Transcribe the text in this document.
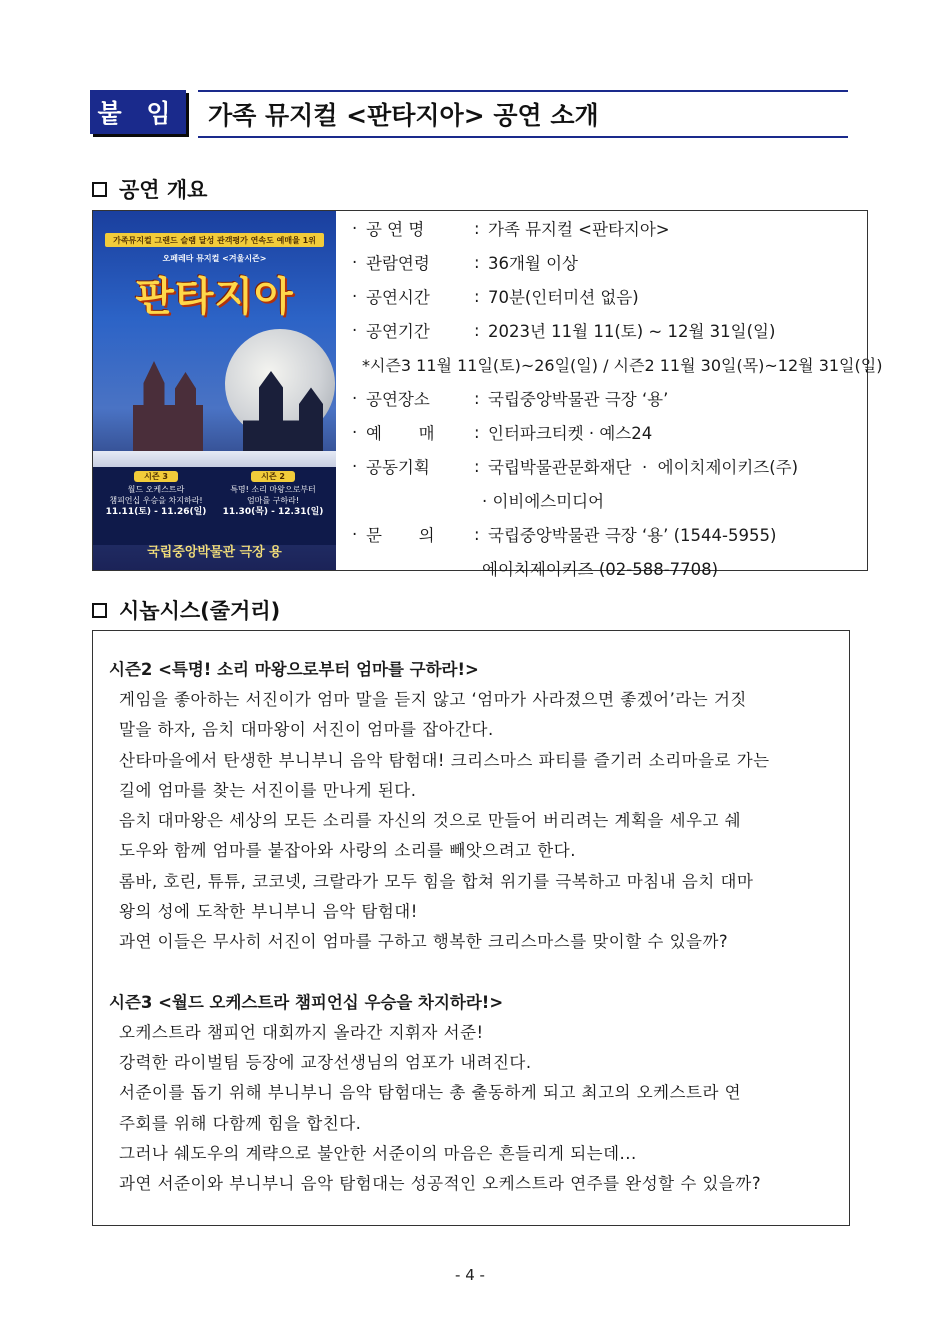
붙 임	가족 뮤지컬 <판타지아> 공연 소개
공연 개요
가족뮤지컬 그랜드 슬램 달성 관객평가 연속도 예매율 1위
오페레타 뮤지컬 <겨울시즌>
판타지아
시즌 3
월드 오케스트라
챔피언십 우승을 차지하라!
11.11(토) - 11.26(일)
시즌 2
특명! 소리 마왕으로부터
엄마를 구하라!
11.30(목) - 12.31(일)
국립중앙박물관 극장 용
· 공 연 명	: 가족 뮤지컬 <판타지아>
· 관람연령	: 36개월 이상
· 공연시간	: 70분(인터미션 없음)
· 공연기간	: 2023년 11월 11(토) ~ 12월 31일(일)
*시즌3 11월 11일(토)~26일(일) / 시즌2 11월 30일(목)~12월 31일(일)
· 공연장소	: 국립중앙박물관 극장 ‘용’
· 예       매	: 인터파크티켓 · 예스24
· 공동기획	: 국립박물관문화재단  ·  에이치제이키즈(주)
· 이비에스미디어
· 문       의	: 국립중앙박물관 극장 ‘용’ (1544-5955)
에이치제이키즈 (02-588-7708)
시놉시스(줄거리)
시즌2 <특명! 소리 마왕으로부터 엄마를 구하라!>
게임을 좋아하는 서진이가 엄마 말을 듣지 않고 ‘엄마가 사라졌으면 좋겠어’라는 거짓
말을 하자, 음치 대마왕이 서진이 엄마를 잡아간다.
산타마을에서 탄생한 부니부니 음악 탐험대! 크리스마스 파티를 즐기러 소리마을로 가는
길에 엄마를 찾는 서진이를 만나게 된다.
음치 대마왕은 세상의 모든 소리를 자신의 것으로 만들어 버리려는 계획을 세우고 쉐
도우와 함께 엄마를 붙잡아와 사랑의 소리를 빼앗으려고 한다.
롬바, 호린, 튜튜, 코코넷, 크랄라가 모두 힘을 합쳐 위기를 극복하고 마침내 음치 대마
왕의 성에 도착한 부니부니 음악 탐험대!
과연 이들은 무사히 서진이 엄마를 구하고 행복한 크리스마스를 맞이할 수 있을까?
시즌3 <월드 오케스트라 챔피언십 우승을 차지하라!>
오케스트라 챔피언 대회까지 올라간 지휘자 서준!
강력한 라이벌팀 등장에 교장선생님의 엄포가 내려진다.
서준이를 돕기 위해 부니부니 음악 탐험대는 총 출동하게 되고 최고의 오케스트라 연
주회를 위해 다함께 힘을 합친다.
그러나 쉐도우의 계략으로 불안한 서준이의 마음은 흔들리게 되는데...
과연 서준이와 부니부니 음악 탐험대는 성공적인 오케스트라 연주를 완성할 수 있을까?
- 4 -
